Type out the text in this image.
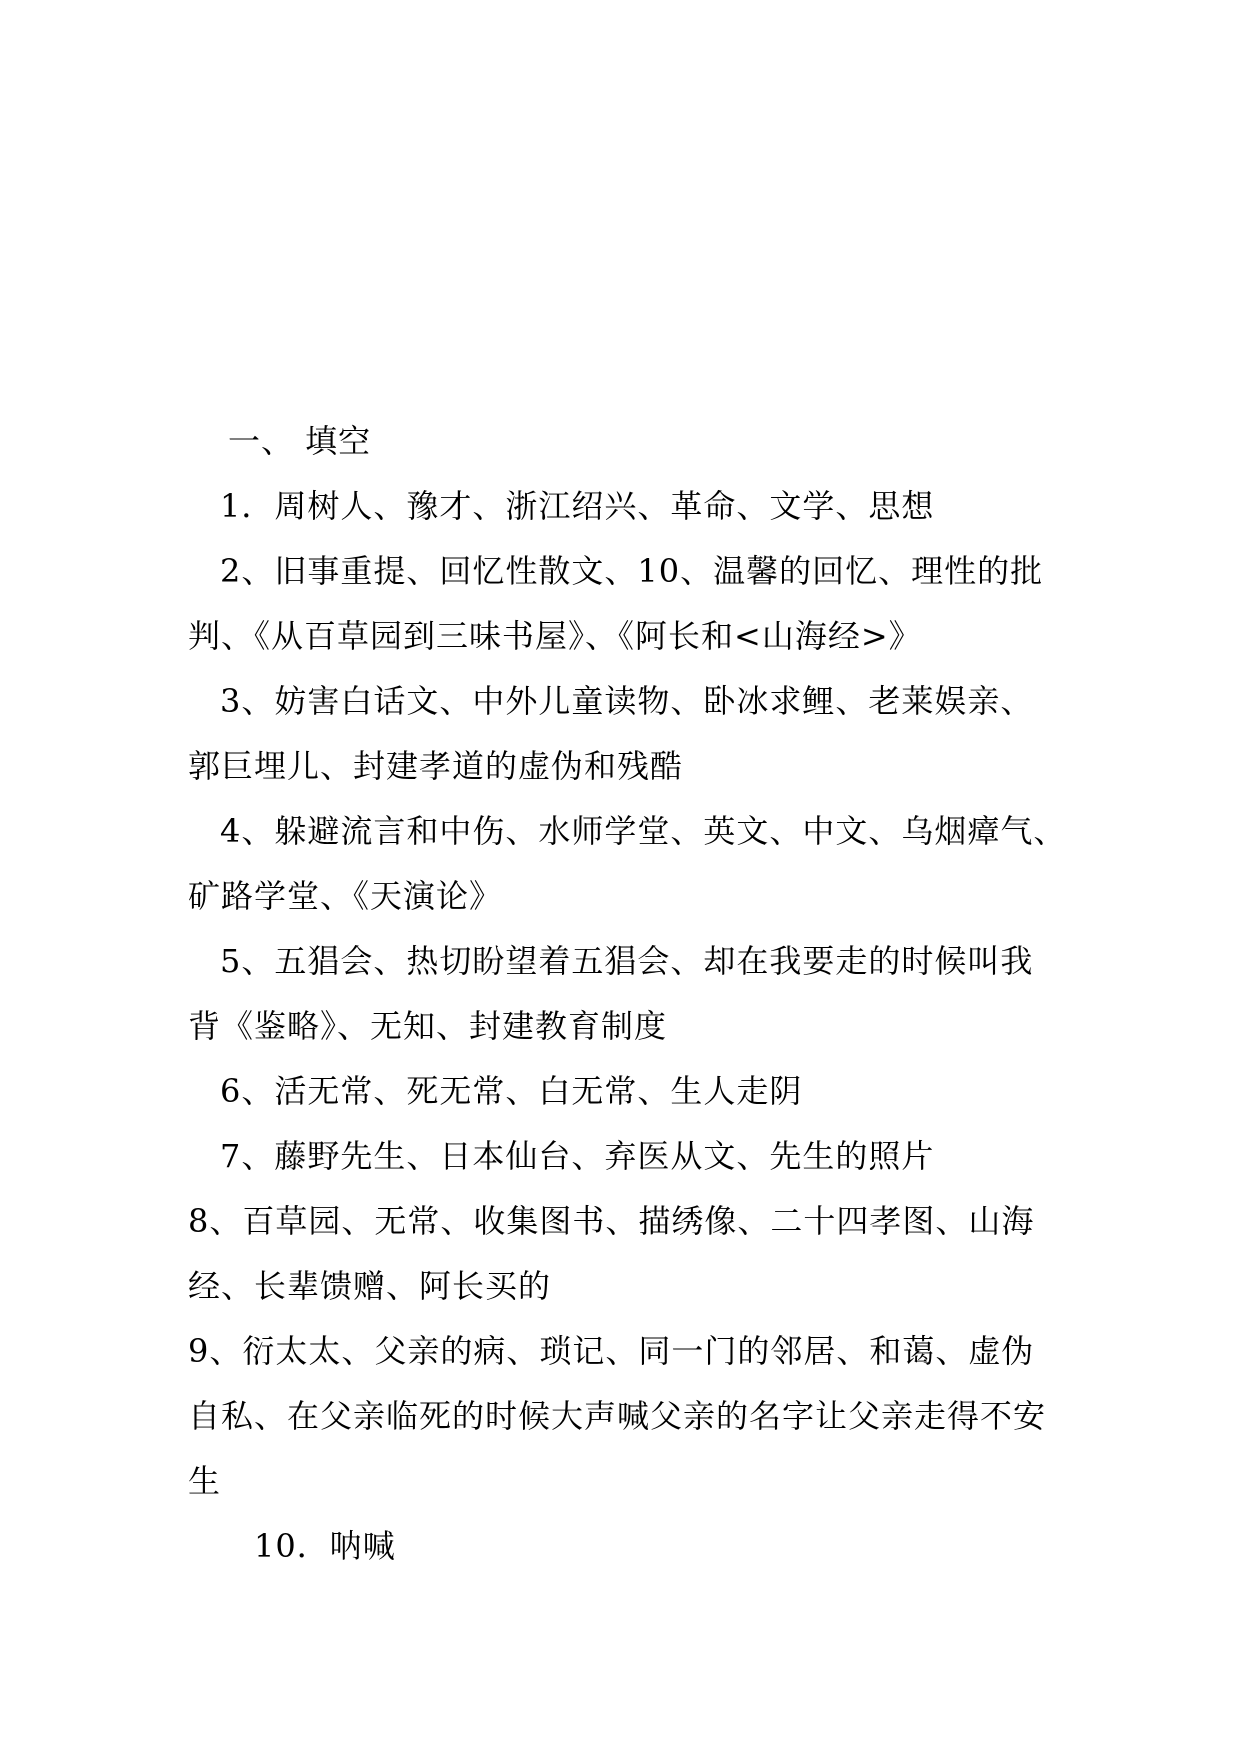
一、 填空
1．周树人、豫才、浙江绍兴、革命、文学、思想
2、旧事重提、回忆性散文、10、温馨的回忆、理性的批
判、《从百草园到三味书屋》、《阿长和<山海经>》
3、妨害白话文、中外儿童读物、卧冰求鲤、老莱娱亲、
郭巨埋儿、封建孝道的虚伪和残酷
4、躲避流言和中伤、水师学堂、英文、中文、乌烟瘴气、
矿路学堂、《天演论》
5、五猖会、热切盼望着五猖会、却在我要走的时候叫我
背《鉴略》、无知、封建教育制度
6、活无常、死无常、白无常、生人走阴
7、藤野先生、日本仙台、弃医从文、先生的照片
8、百草园、无常、收集图书、描绣像、二十四孝图、山海
经、长辈馈赠、阿长买的
9、衍太太、父亲的病、琐记、同一门的邻居、和蔼、虚伪
自私、在父亲临死的时候大声喊父亲的名字让父亲走得不安
生
10．呐喊
